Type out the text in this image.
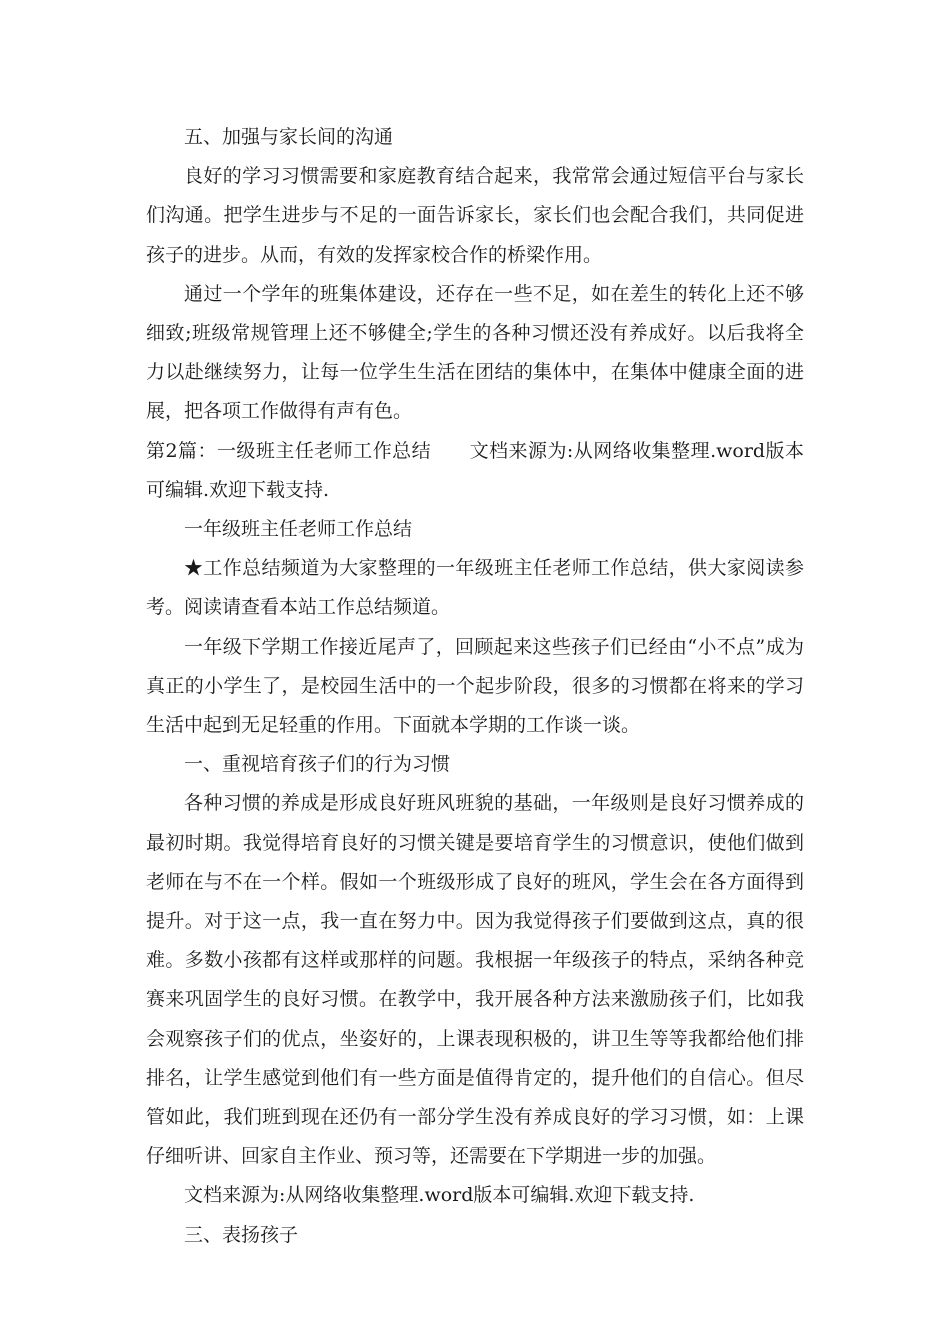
五、加强与家长间的沟通

良好的学习习惯需要和家庭教育结合起来，我常常会通过短信平台与家长们沟通。把学生进步与不足的一面告诉家长，家长们也会配合我们，共同促进孩子的进步。从而，有效的发挥家校合作的桥梁作用。

通过一个学年的班集体建设，还存在一些不足，如在差生的转化上还不够细致;班级常规管理上还不够健全;学生的各种习惯还没有养成好。以后我将全力以赴继续努力，让每一位学生生活在团结的集体中，在集体中健康全面的进展，把各项工作做得有声有色。

第2篇：一级班主任老师工作总结 文档来源为:从网络收集整理.word版本可编辑.欢迎下载支持.

一年级班主任老师工作总结

★工作总结频道为大家整理的一年级班主任老师工作总结，供大家阅读参考。阅读请查看本站工作总结频道。

一年级下学期工作接近尾声了，回顾起来这些孩子们已经由“小不点”成为真正的小学生了，是校园生活中的一个起步阶段，很多的习惯都在将来的学习生活中起到无足轻重的作用。下面就本学期的工作谈一谈。

一、重视培育孩子们的行为习惯

各种习惯的养成是形成良好班风班貌的基础，一年级则是良好习惯养成的最初时期。我觉得培育良好的习惯关键是要培育学生的习惯意识，使他们做到老师在与不在一个样。假如一个班级形成了良好的班风，学生会在各方面得到提升。对于这一点，我一直在努力中。因为我觉得孩子们要做到这点，真的很难。多数小孩都有这样或那样的问题。我根据一年级孩子的特点，采纳各种竞赛来巩固学生的良好习惯。在教学中，我开展各种方法来激励孩子们，比如我会观察孩子们的优点，坐姿好的，上课表现积极的，讲卫生等等我都给他们排排名，让学生感觉到他们有一些方面是值得肯定的，提升他们的自信心。但尽管如此，我们班到现在还仍有一部分学生没有养成良好的学习习惯，如：上课仔细听讲、回家自主作业、预习等，还需要在下学期进一步的加强。

文档来源为:从网络收集整理.word版本可编辑.欢迎下载支持.

三、表扬孩子
